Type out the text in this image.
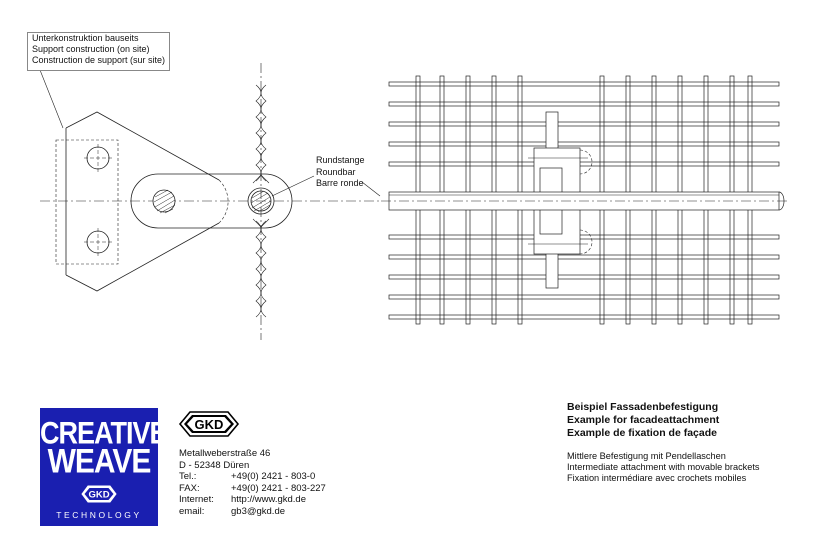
Unterkonstruktion bauseits
Support construction (on site)
Construction de support (sur site)
Rundstange
Roundbar
Barre ronde
CREATIVE
WEAVE
GKD
TECHNOLOGY
GKD
Metallweberstraße 46
D - 52348 Düren
Tel.:	+49(0) 2421 - 803-0
FAX:	+49(0) 2421 - 803-227
Internet: http://www.gkd.de
email:	gb3@gkd.de
Beispiel Fassadenbefestigung
Example for facadeattachment
Example de fixation de façade
Mittlere Befestigung mit Pendellaschen
Intermediate attachment with movable brackets
Fixation intermédiare avec crochets mobiles
